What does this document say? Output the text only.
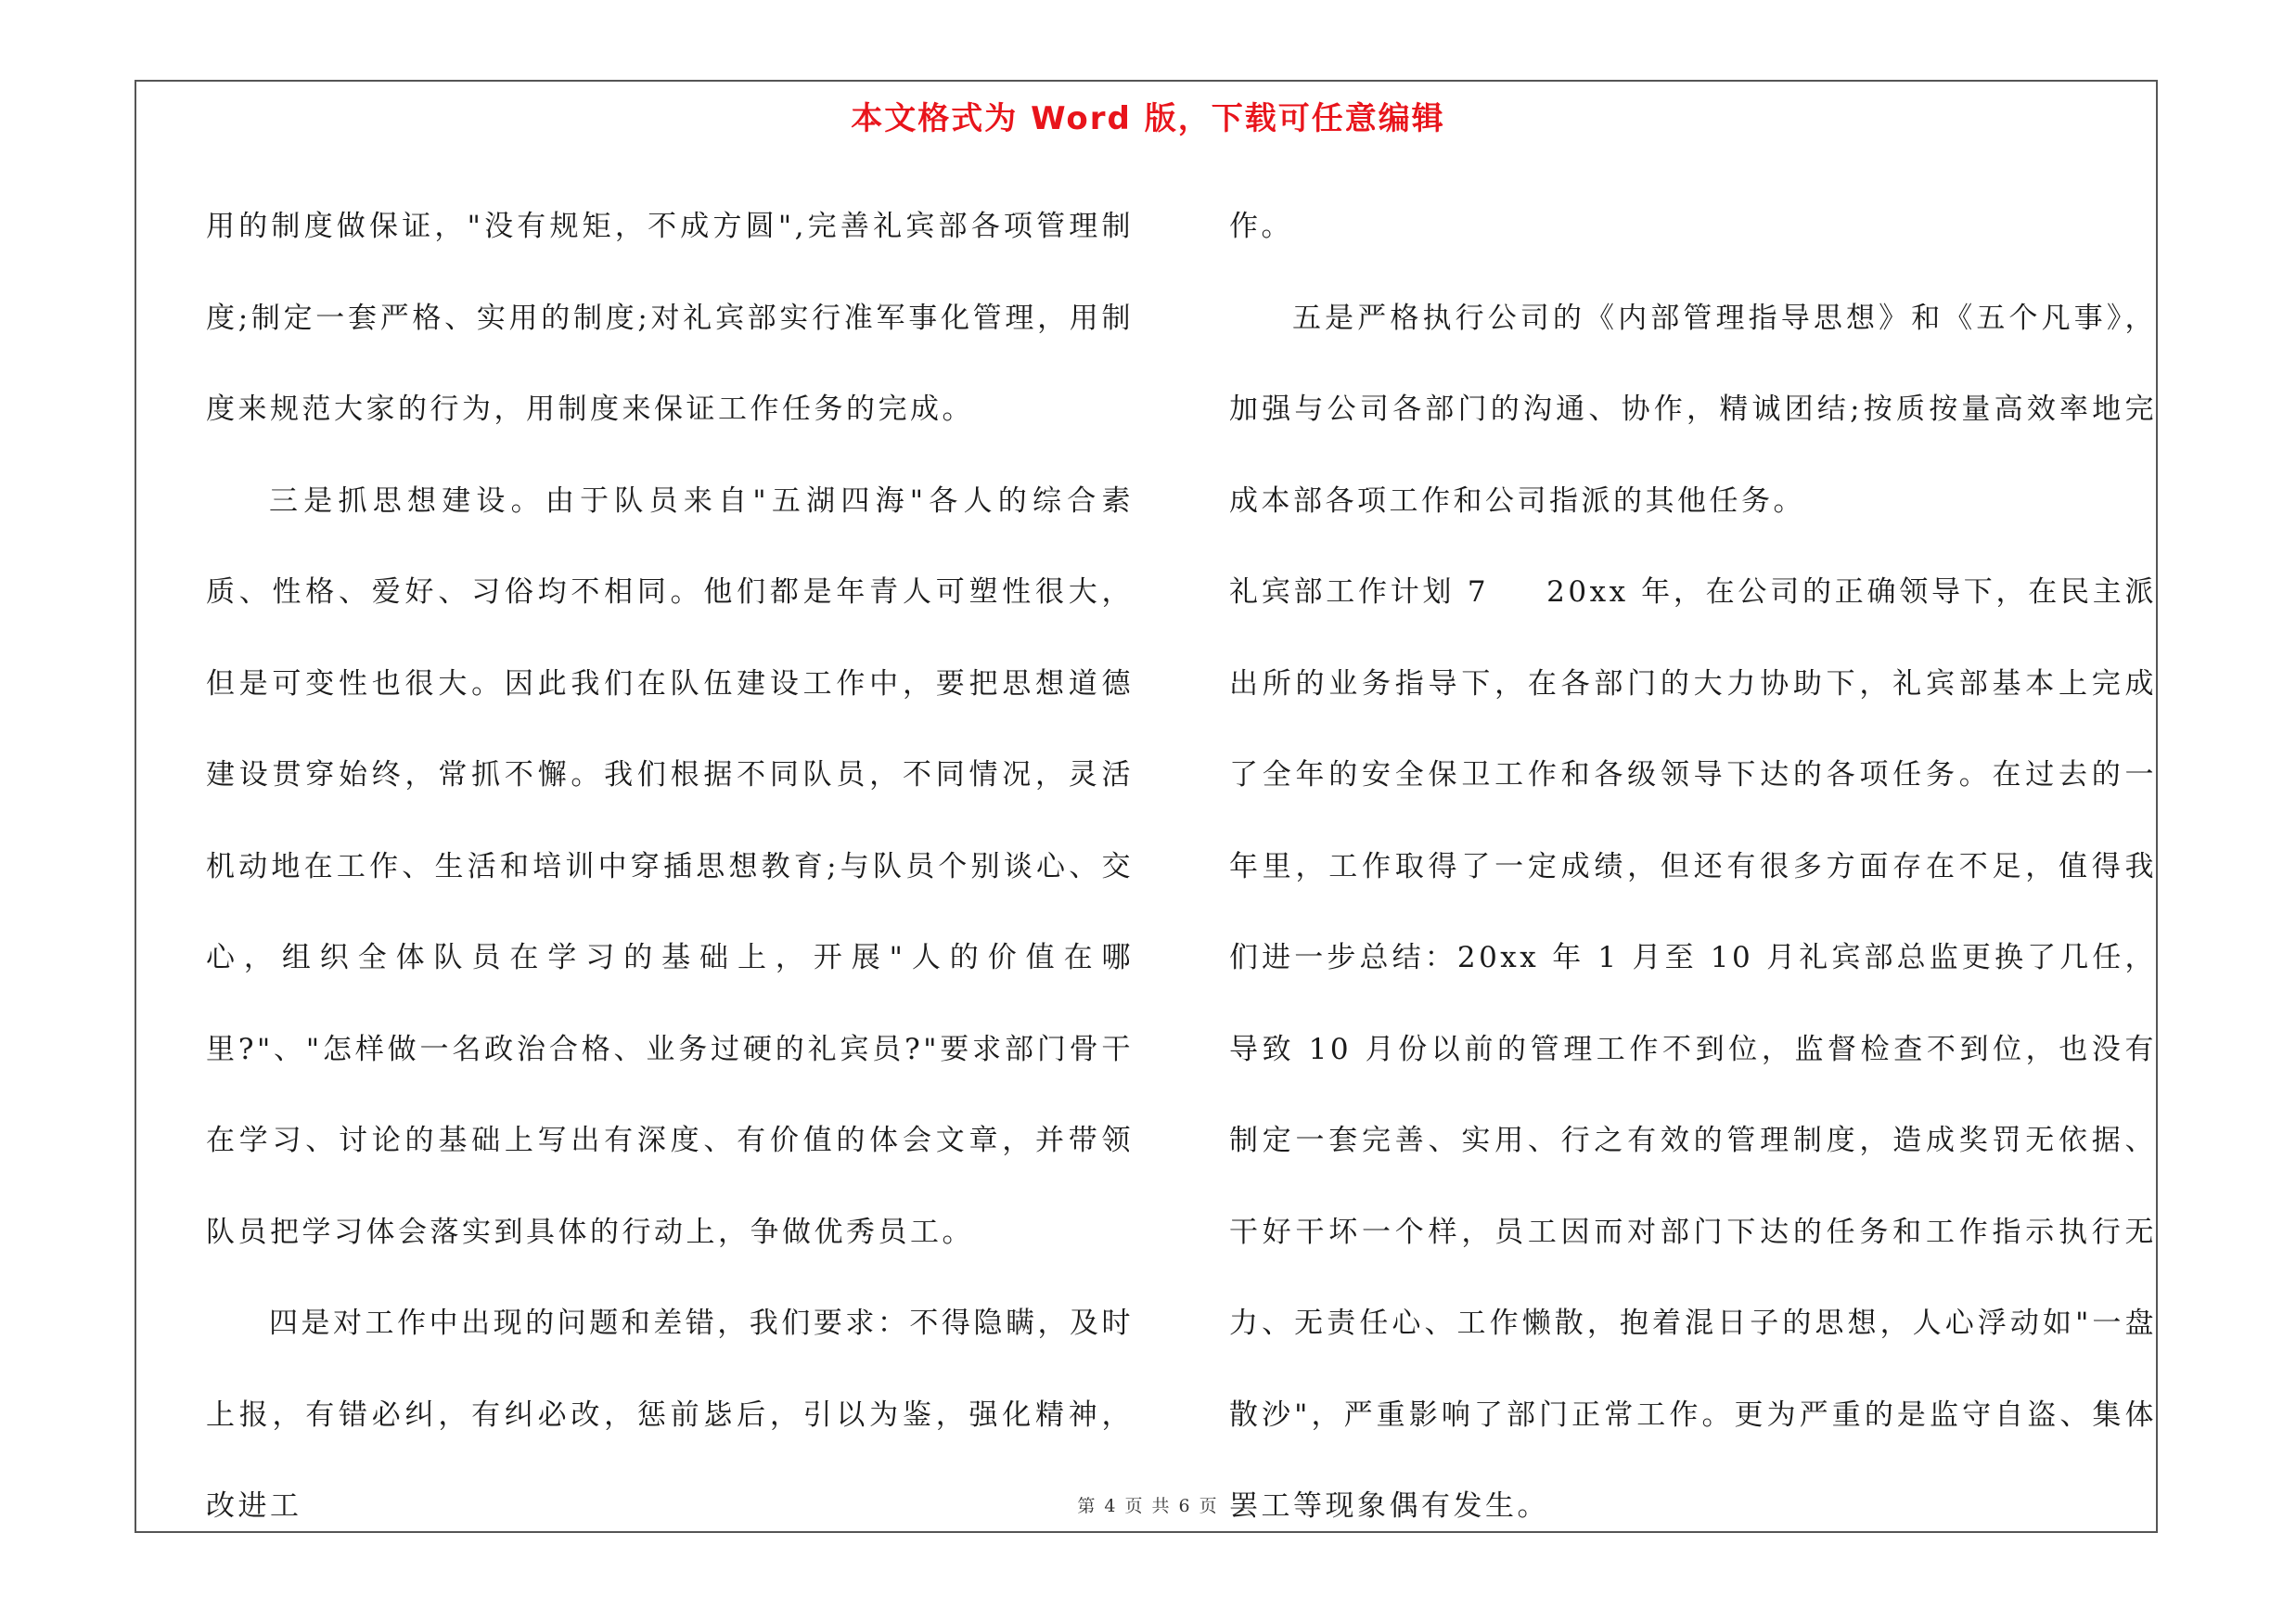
本文格式为 Word 版，下载可任意编辑

用的制度做保证，"没有规矩，不成方圆",完善礼宾部各项管理制度;制定一套严格、实用的制度;对礼宾部实行准军事化管理，用制度来规范大家的行为，用制度来保证工作任务的完成。

三是抓思想建设。由于队员来自"五湖四海"各人的综合素质、性格、爱好、习俗均不相同。他们都是年青人可塑性很大，但是可变性也很大。因此我们在队伍建设工作中，要把思想道德建设贯穿始终，常抓不懈。我们根据不同队员，不同情况，灵活机动地在工作、生活和培训中穿插思想教育;与队员个别谈心、交心，组织全体队员在学习的基础上，开展"人的价值在哪里?"、"怎样做一名政治合格、业务过硬的礼宾员?"要求部门骨干在学习、讨论的基础上写出有深度、有价值的体会文章，并带领队员把学习体会落实到具体的行动上，争做优秀员工。

四是对工作中出现的问题和差错，我们要求：不得隐瞒，及时上报，有错必纠，有纠必改，惩前毖后，引以为鉴，强化精神，改进工

作。

五是严格执行公司的《内部管理指导思想》和《五个凡事》，加强与公司各部门的沟通、协作，精诚团结;按质按量高效率地完成本部各项工作和公司指派的其他任务。

礼宾部工作计划 7 20xx 年，在公司的正确领导下，在民主派出所的业务指导下，在各部门的大力协助下，礼宾部基本上完成了全年的安全保卫工作和各级领导下达的各项任务。在过去的一年里，工作取得了一定成绩，但还有很多方面存在不足，值得我们进一步总结：20xx 年 1 月至 10 月礼宾部总监更换了几任，导致 10 月份以前的管理工作不到位，监督检查不到位，也没有制定一套完善、实用、行之有效的管理制度，造成奖罚无依据、干好干坏一个样，员工因而对部门下达的任务和工作指示执行无力、无责任心、工作懒散，抱着混日子的思想，人心浮动如"一盘散沙"，严重影响了部门正常工作。更为严重的是监守自盗、集体罢工等现象偶有发生。

第 4 页 共 6 页
